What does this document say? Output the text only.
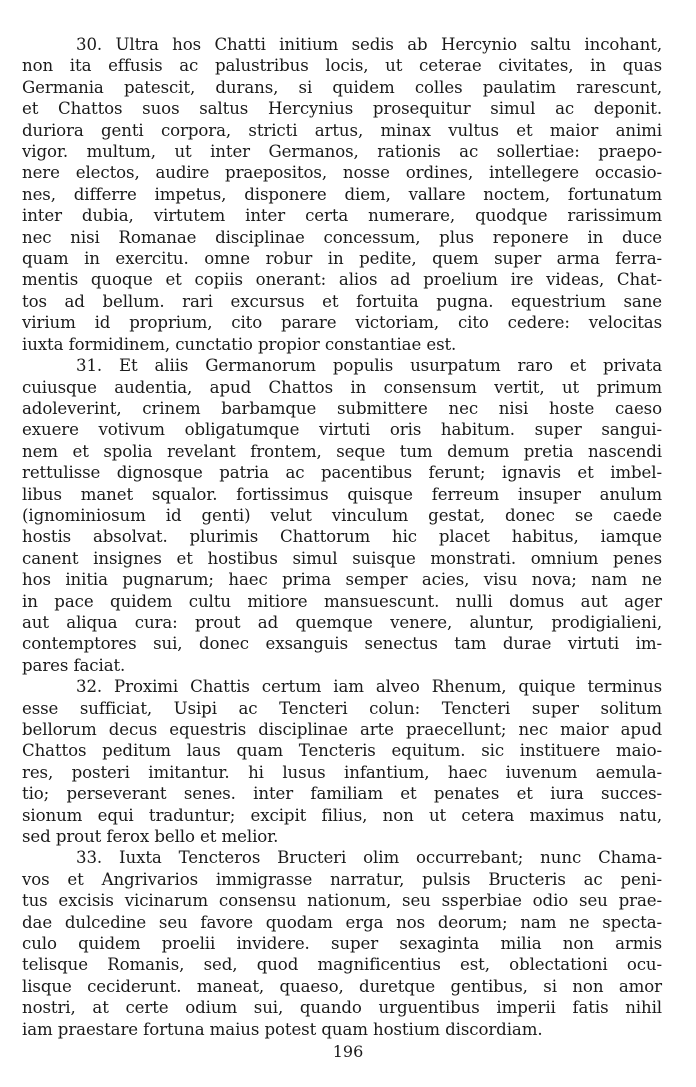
30. Ultra hos Chatti initium sedis ab Hercynio saltu incohant,
non ita effusis ac palustribus locis, ut ceterae civitates, in quas
Germania patescit, durans, si quidem colles paulatim rarescunt,
et Chattos suos saltus Hercynius prosequitur simul ac deponit.
duriora genti corpora, stricti artus, minax vultus et maior animi
vigor. multum, ut inter Germanos, rationis ac sollertiae: praepo-
nere electos, audire praepositos, nosse ordines, intellegere occasio-
nes, differre impetus, disponere diem, vallare noctem, fortunatum
inter dubia, virtutem inter certa numerare, quodque rarissimum
nec nisi Romanae disciplinae concessum, plus reponere in duce
quam in exercitu. omne robur in pedite, quem super arma ferra-
mentis quoque et copiis onerant: alios ad proelium ire videas, Chat-
tos ad bellum. rari excursus et fortuita pugna. equestrium sane
virium id proprium, cito parare victoriam, cito cedere: velocitas
iuxta formidinem, cunctatio propior constantiae est.
31. Et aliis Germanorum populis usurpatum raro et privata
cuiusque audentia, apud Chattos in consensum vertit, ut primum
adoleverint, crinem barbamque submittere nec nisi hoste caeso
exuere votivum obligatumque virtuti oris habitum. super sangui-
nem et spolia revelant frontem, seque tum demum pretia nascendi
rettulisse dignosque patria ac pacentibus ferunt; ignavis et imbel-
libus manet squalor. fortissimus quisque ferreum insuper anulum
(ignominiosum id genti) velut vinculum gestat, donec se caede
hostis absolvat. plurimis Chattorum hic placet habitus, iamque
canent insignes et hostibus simul suisque monstrati. omnium penes
hos initia pugnarum; haec prima semper acies, visu nova; nam ne
in pace quidem cultu mitiore mansuescunt. nulli domus aut ager
aut aliqua cura: prout ad quemque venere, aluntur, prodigialieni,
contemptores sui, donec exsanguis senectus tam durae virtuti im-
pares faciat.
32. Proximi Chattis certum iam alveo Rhenum, quique terminus
esse sufficiat, Usipi ac Tencteri colun: Tencteri super solitum
bellorum decus equestris disciplinae arte praecellunt; nec maior apud
Chattos peditum laus quam Tencteris equitum. sic instituere maio-
res, posteri imitantur. hi lusus infantium, haec iuvenum aemula-
tio; perseverant senes. inter familiam et penates et iura succes-
sionum equi traduntur; excipit filius, non ut cetera maximus natu,
sed prout ferox bello et melior.
33. Iuxta Tencteros Bructeri olim occurrebant; nunc Chama-
vos et Angrivarios immigrasse narratur, pulsis Bructeris ac peni-
tus excisis vicinarum consensu nationum, seu ssperbiae odio seu prae-
dae dulcedine seu favore quodam erga nos deorum; nam ne specta-
culo quidem proelii invidere. super sexaginta milia non armis
telisque Romanis, sed, quod magnificentius est, oblectationi ocu-
lisque ceciderunt. maneat, quaeso, duretque gentibus, si non amor
nostri, at certe odium sui, quando urguentibus imperii fatis nihil
iam praestare fortuna maius potest quam hostium discordiam.
196
